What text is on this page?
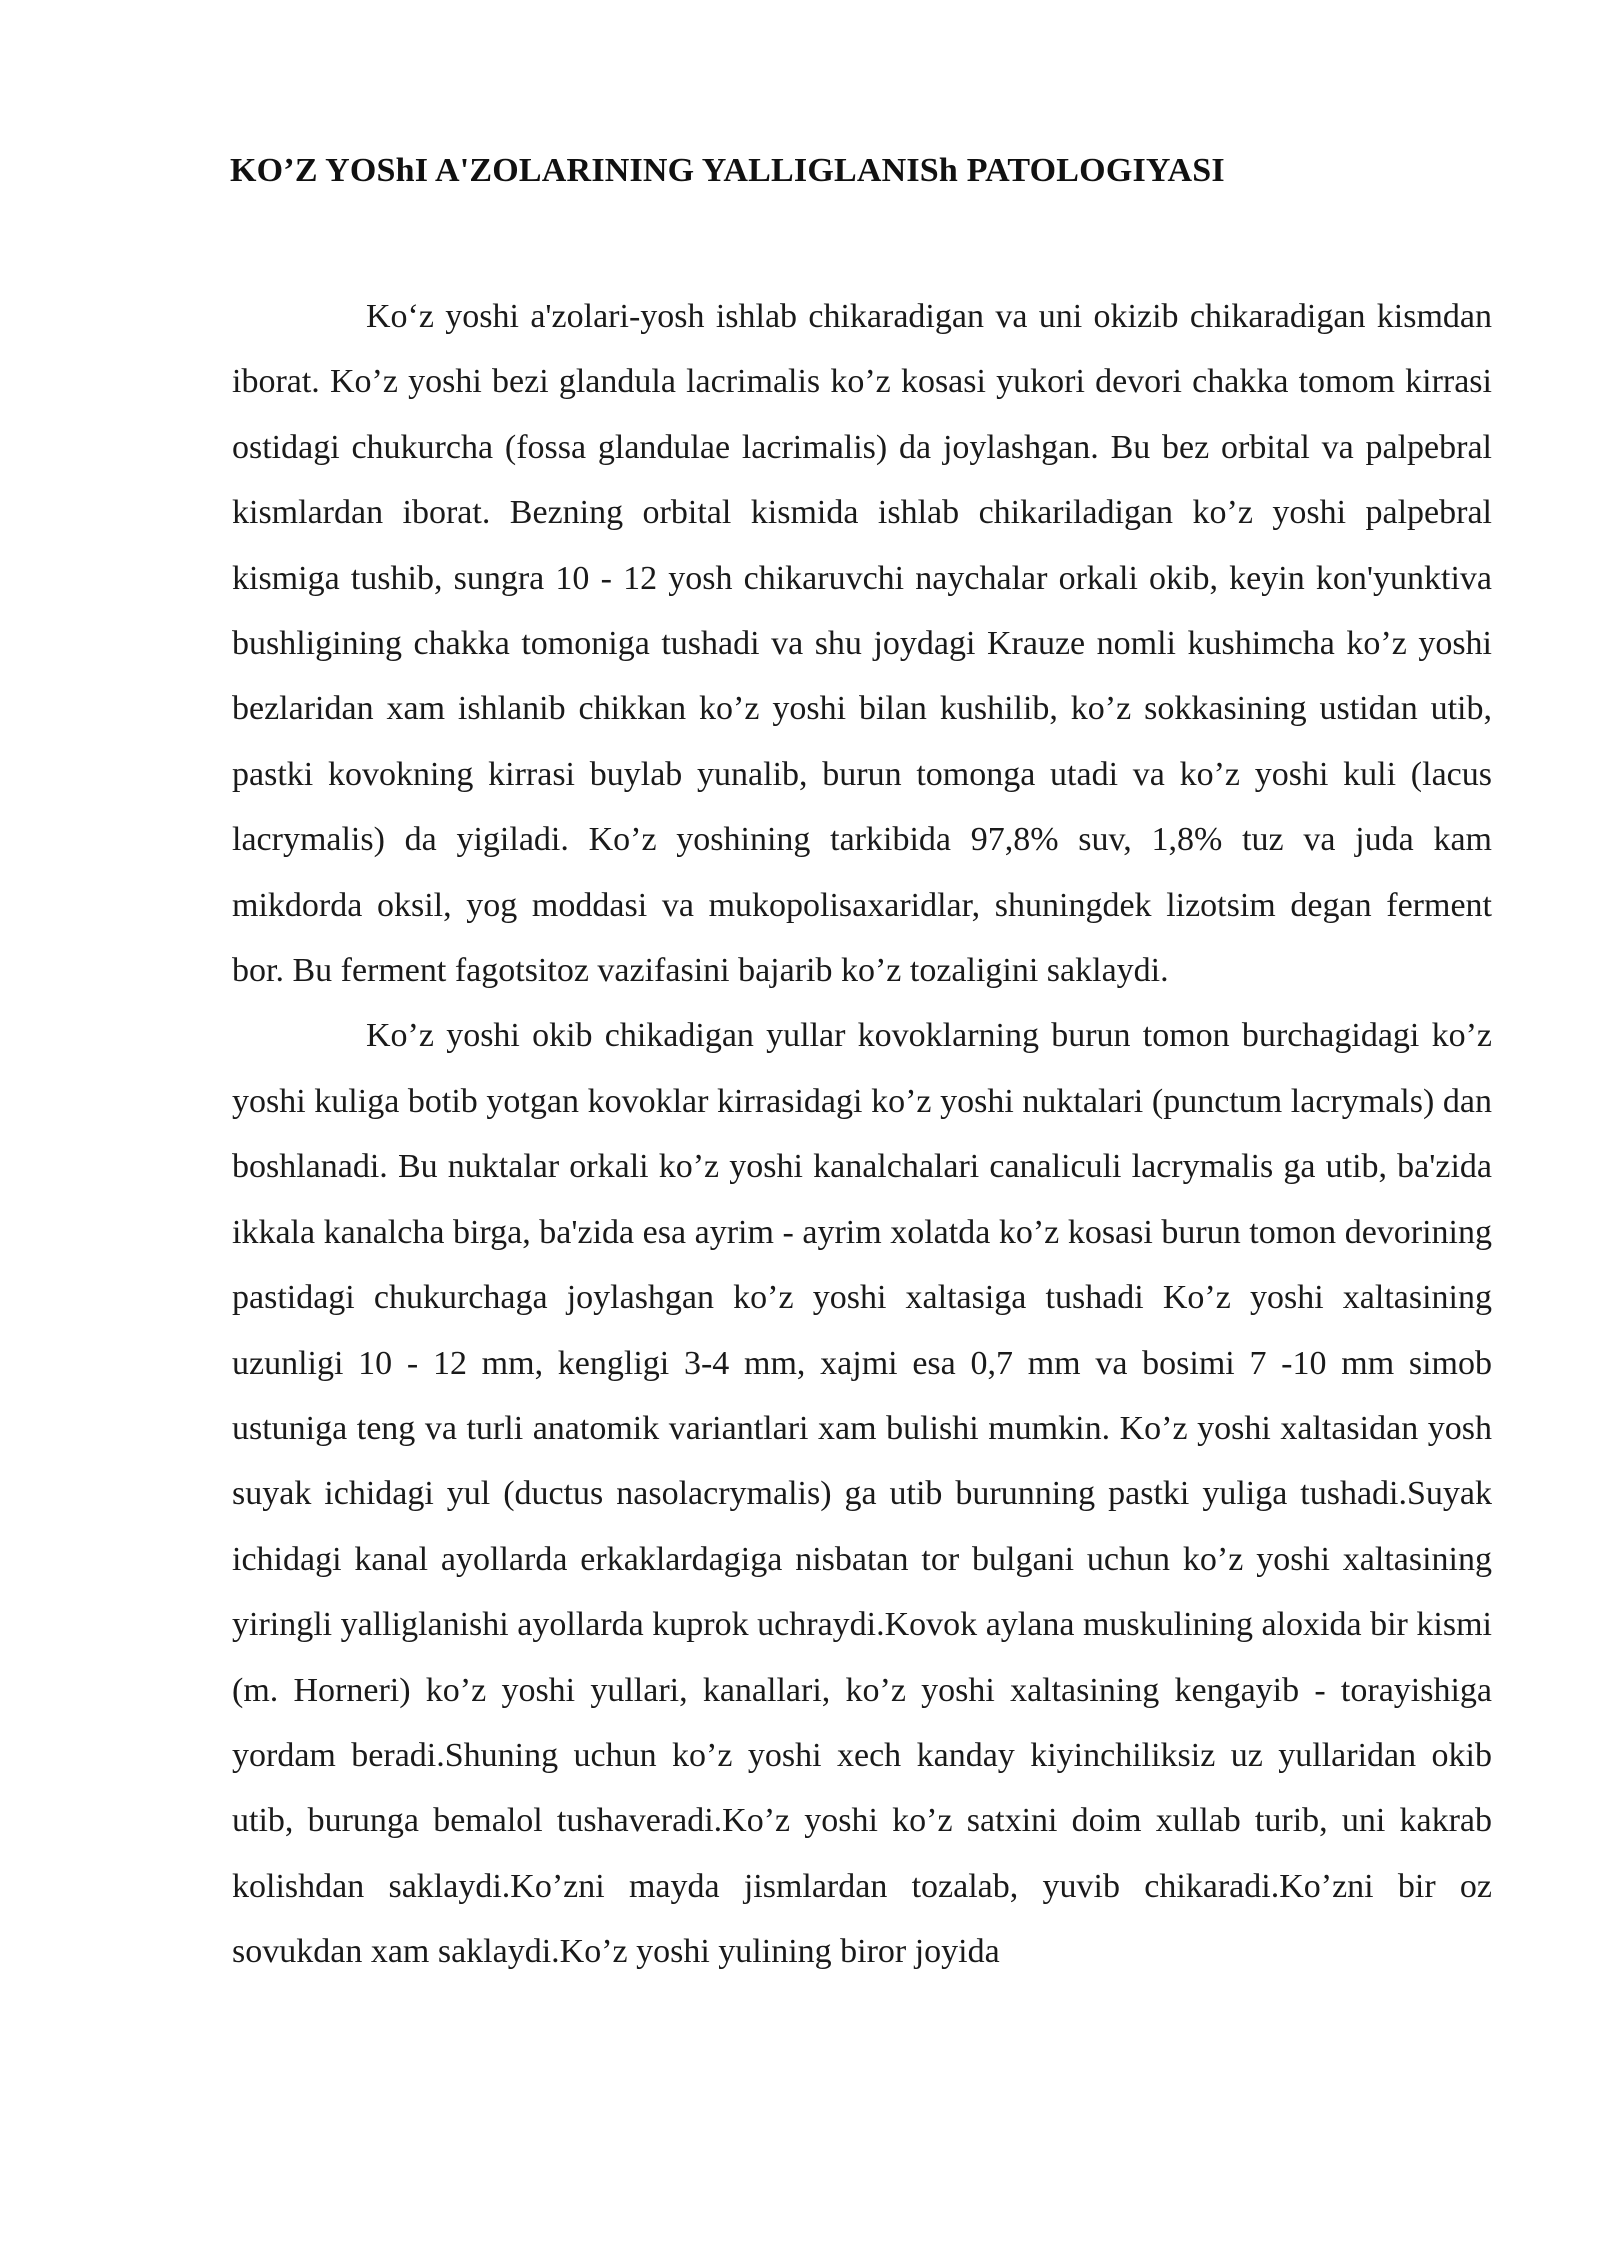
KO’Z YOShI A'ZOLARINING YALLIGLANISh PATOLOGIYASI

Ko‘z yoshi a'zolari-yosh ishlab chikaradigan va uni okizib chikaradigan kismdan iborat. Ko’z yoshi bezi glandula lacrimalis ko’z kosasi yukori devori chakka tomom kirrasi ostidagi chukurcha (fossa glandulae lacrimalis) da joylashgan. Bu bez orbital va palpebral kismlardan iborat. Bezning orbital kismida ishlab chikariladigan ko’z yoshi palpebral kismiga tushib, sungra 10 - 12 yosh chikaruvchi naychalar orkali okib, keyin kon'yunktiva bushligining chakka tomoniga tushadi va shu joydagi Krauze nomli kushimcha ko’z yoshi bezlaridan xam ishlanib chikkan ko’z yoshi bilan kushilib, ko’z sokkasining ustidan utib, pastki kovokning kirrasi buylab yunalib, burun tomonga utadi va ko’z yoshi kuli (lacus lacrymalis) da yigiladi. Ko’z yoshining tarkibida 97,8% suv, 1,8% tuz va juda kam mikdorda oksil, yog moddasi va mukopolisaxaridlar, shuningdek lizotsim degan ferment bor. Bu ferment fagotsitoz vazifasini bajarib ko’z tozaligini saklaydi.

Ko’z yoshi okib chikadigan yullar kovoklarning burun tomon burchagidagi ko’z yoshi kuliga botib yotgan kovoklar kirrasidagi ko’z yoshi nuktalari (punctum lacrymals) dan boshlanadi. Bu nuktalar orkali ko’z yoshi kanalchalari canaliculi lacrymalis ga utib, ba'zida ikkala kanalcha birga, ba'zida esa ayrim - ayrim xolatda ko’z kosasi burun tomon devorining pastidagi chukurchaga joylashgan ko’z yoshi xaltasiga tushadi Ko’z yoshi xaltasining uzunligi 10 - 12 mm, kengligi 3-4 mm, xajmi esa 0,7 mm va bosimi 7 -10 mm simob ustuniga teng va turli anatomik variantlari xam bulishi mumkin. Ko’z yoshi xaltasidan yosh suyak ichidagi yul (ductus nasolacrymalis) ga utib burunning pastki yuliga tushadi.Suyak ichidagi kanal ayollarda erkaklardagiga nisbatan tor bulgani uchun ko’z yoshi xaltasining yiringli yalliglanishi ayollarda kuprok uchraydi.Kovok aylana muskulining aloxida bir kismi (m. Horneri) ko’z yoshi yullari, kanallari, ko’z yoshi xaltasining kengayib - torayishiga yordam beradi.Shuning uchun ko’z yoshi xech kanday kiyinchiliksiz uz yullaridan okib utib, burunga bemalol tushaveradi.Ko’z yoshi ko’z satxini doim xullab turib, uni kakrab kolishdan saklaydi.Ko’zni mayda jismlardan tozalab, yuvib chikaradi.Ko’zni bir oz sovukdan xam saklaydi.Ko’z yoshi yulining biror joyida
